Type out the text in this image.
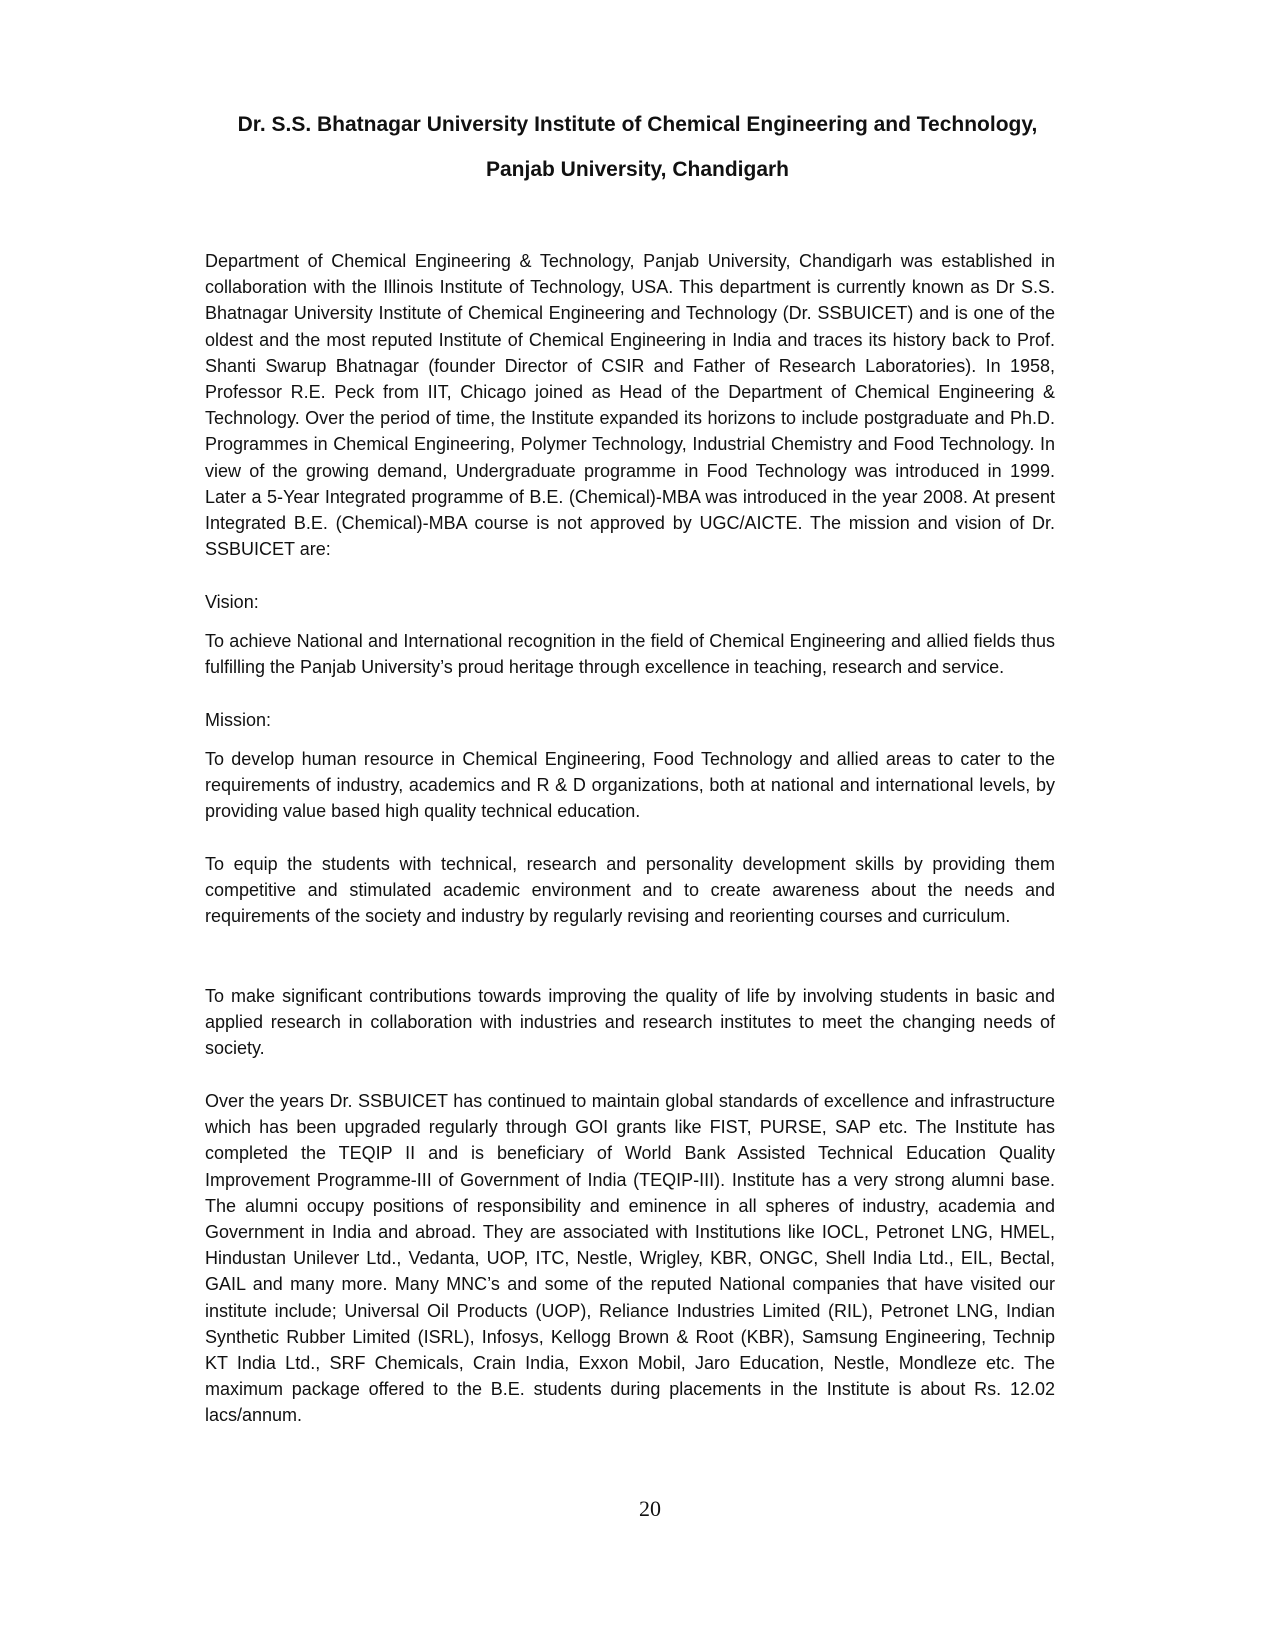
Dr. S.S. Bhatnagar University Institute of Chemical Engineering and Technology,
Panjab University, Chandigarh

Department of Chemical Engineering & Technology, Panjab University, Chandigarh was established in collaboration with the Illinois Institute of Technology, USA. This department is currently known as Dr S.S. Bhatnagar University Institute of Chemical Engineering and Technology (Dr. SSBUICET) and is one of the oldest and the most reputed Institute of Chemical Engineering in India and traces its history back to Prof. Shanti Swarup Bhatnagar (founder Director of CSIR and Father of Research Laboratories). In 1958, Professor R.E. Peck from IIT, Chicago joined as Head of the Department of Chemical Engineering & Technology. Over the period of time, the Institute expanded its horizons to include postgraduate and Ph.D. Programmes in Chemical Engineering, Polymer Technology, Industrial Chemistry and Food Technology. In view of the growing demand, Undergraduate programme in Food Technology was introduced in 1999. Later a 5-Year Integrated programme of B.E. (Chemical)-MBA was introduced in the year 2008. At present Integrated B.E. (Chemical)-MBA course is not approved by UGC/AICTE. The mission and vision of Dr. SSBUICET are:

Vision:

To achieve National and International recognition in the field of Chemical Engineering and allied fields thus fulfilling the Panjab University’s proud heritage through excellence in teaching, research and service.

Mission:

To develop human resource in Chemical Engineering, Food Technology and allied areas to cater to the requirements of industry, academics and R & D organizations, both at national and international levels, by providing value based high quality technical education.

To equip the students with technical, research and personality development skills by providing them competitive and stimulated academic environment and to create awareness about the needs and requirements of the society and industry by regularly revising and reorienting courses and curriculum.

To make significant contributions towards improving the quality of life by involving students in basic and applied research in collaboration with industries and research institutes to meet the changing needs of society.

Over the years Dr. SSBUICET has continued to maintain global standards of excellence and infrastructure which has been upgraded regularly through GOI grants like FIST, PURSE, SAP etc. The Institute has completed the TEQIP II and is beneficiary of World Bank Assisted Technical Education Quality Improvement Programme-III of Government of India (TEQIP-III). Institute has a very strong alumni base. The alumni occupy positions of responsibility and eminence in all spheres of industry, academia and Government in India and abroad. They are associated with Institutions like IOCL, Petronet LNG, HMEL, Hindustan Unilever Ltd., Vedanta, UOP, ITC, Nestle, Wrigley, KBR, ONGC, Shell India Ltd., EIL, Bectal, GAIL and many more. Many MNC’s and some of the reputed National companies that have visited our institute include; Universal Oil Products (UOP), Reliance Industries Limited (RIL), Petronet LNG, Indian Synthetic Rubber Limited (ISRL), Infosys, Kellogg Brown & Root (KBR), Samsung Engineering, Technip KT India Ltd., SRF Chemicals, Crain India, Exxon Mobil, Jaro Education, Nestle, Mondleze etc. The maximum package offered to the B.E. students during placements in the Institute is about Rs. 12.02 lacs/annum.

20
